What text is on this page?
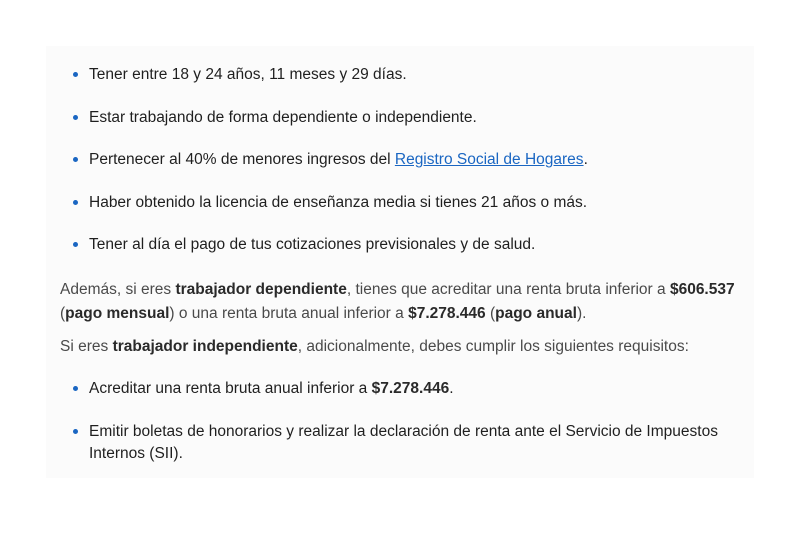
Tener entre 18 y 24 años, 11 meses y 29 días.
Estar trabajando de forma dependiente o independiente.
Pertenecer al 40% de menores ingresos del Registro Social de Hogares.
Haber obtenido la licencia de enseñanza media si tienes 21 años o más.
Tener al día el pago de tus cotizaciones previsionales y de salud.

Además, si eres trabajador dependiente, tienes que acreditar una renta bruta inferior a $606.537
(pago mensual) o una renta bruta anual inferior a $7.278.446 (pago anual).

Si eres trabajador independiente, adicionalmente, debes cumplir los siguientes requisitos:

Acreditar una renta bruta anual inferior a $7.278.446.
Emitir boletas de honorarios y realizar la declaración de renta ante el Servicio de Impuestos
Internos (SII).
